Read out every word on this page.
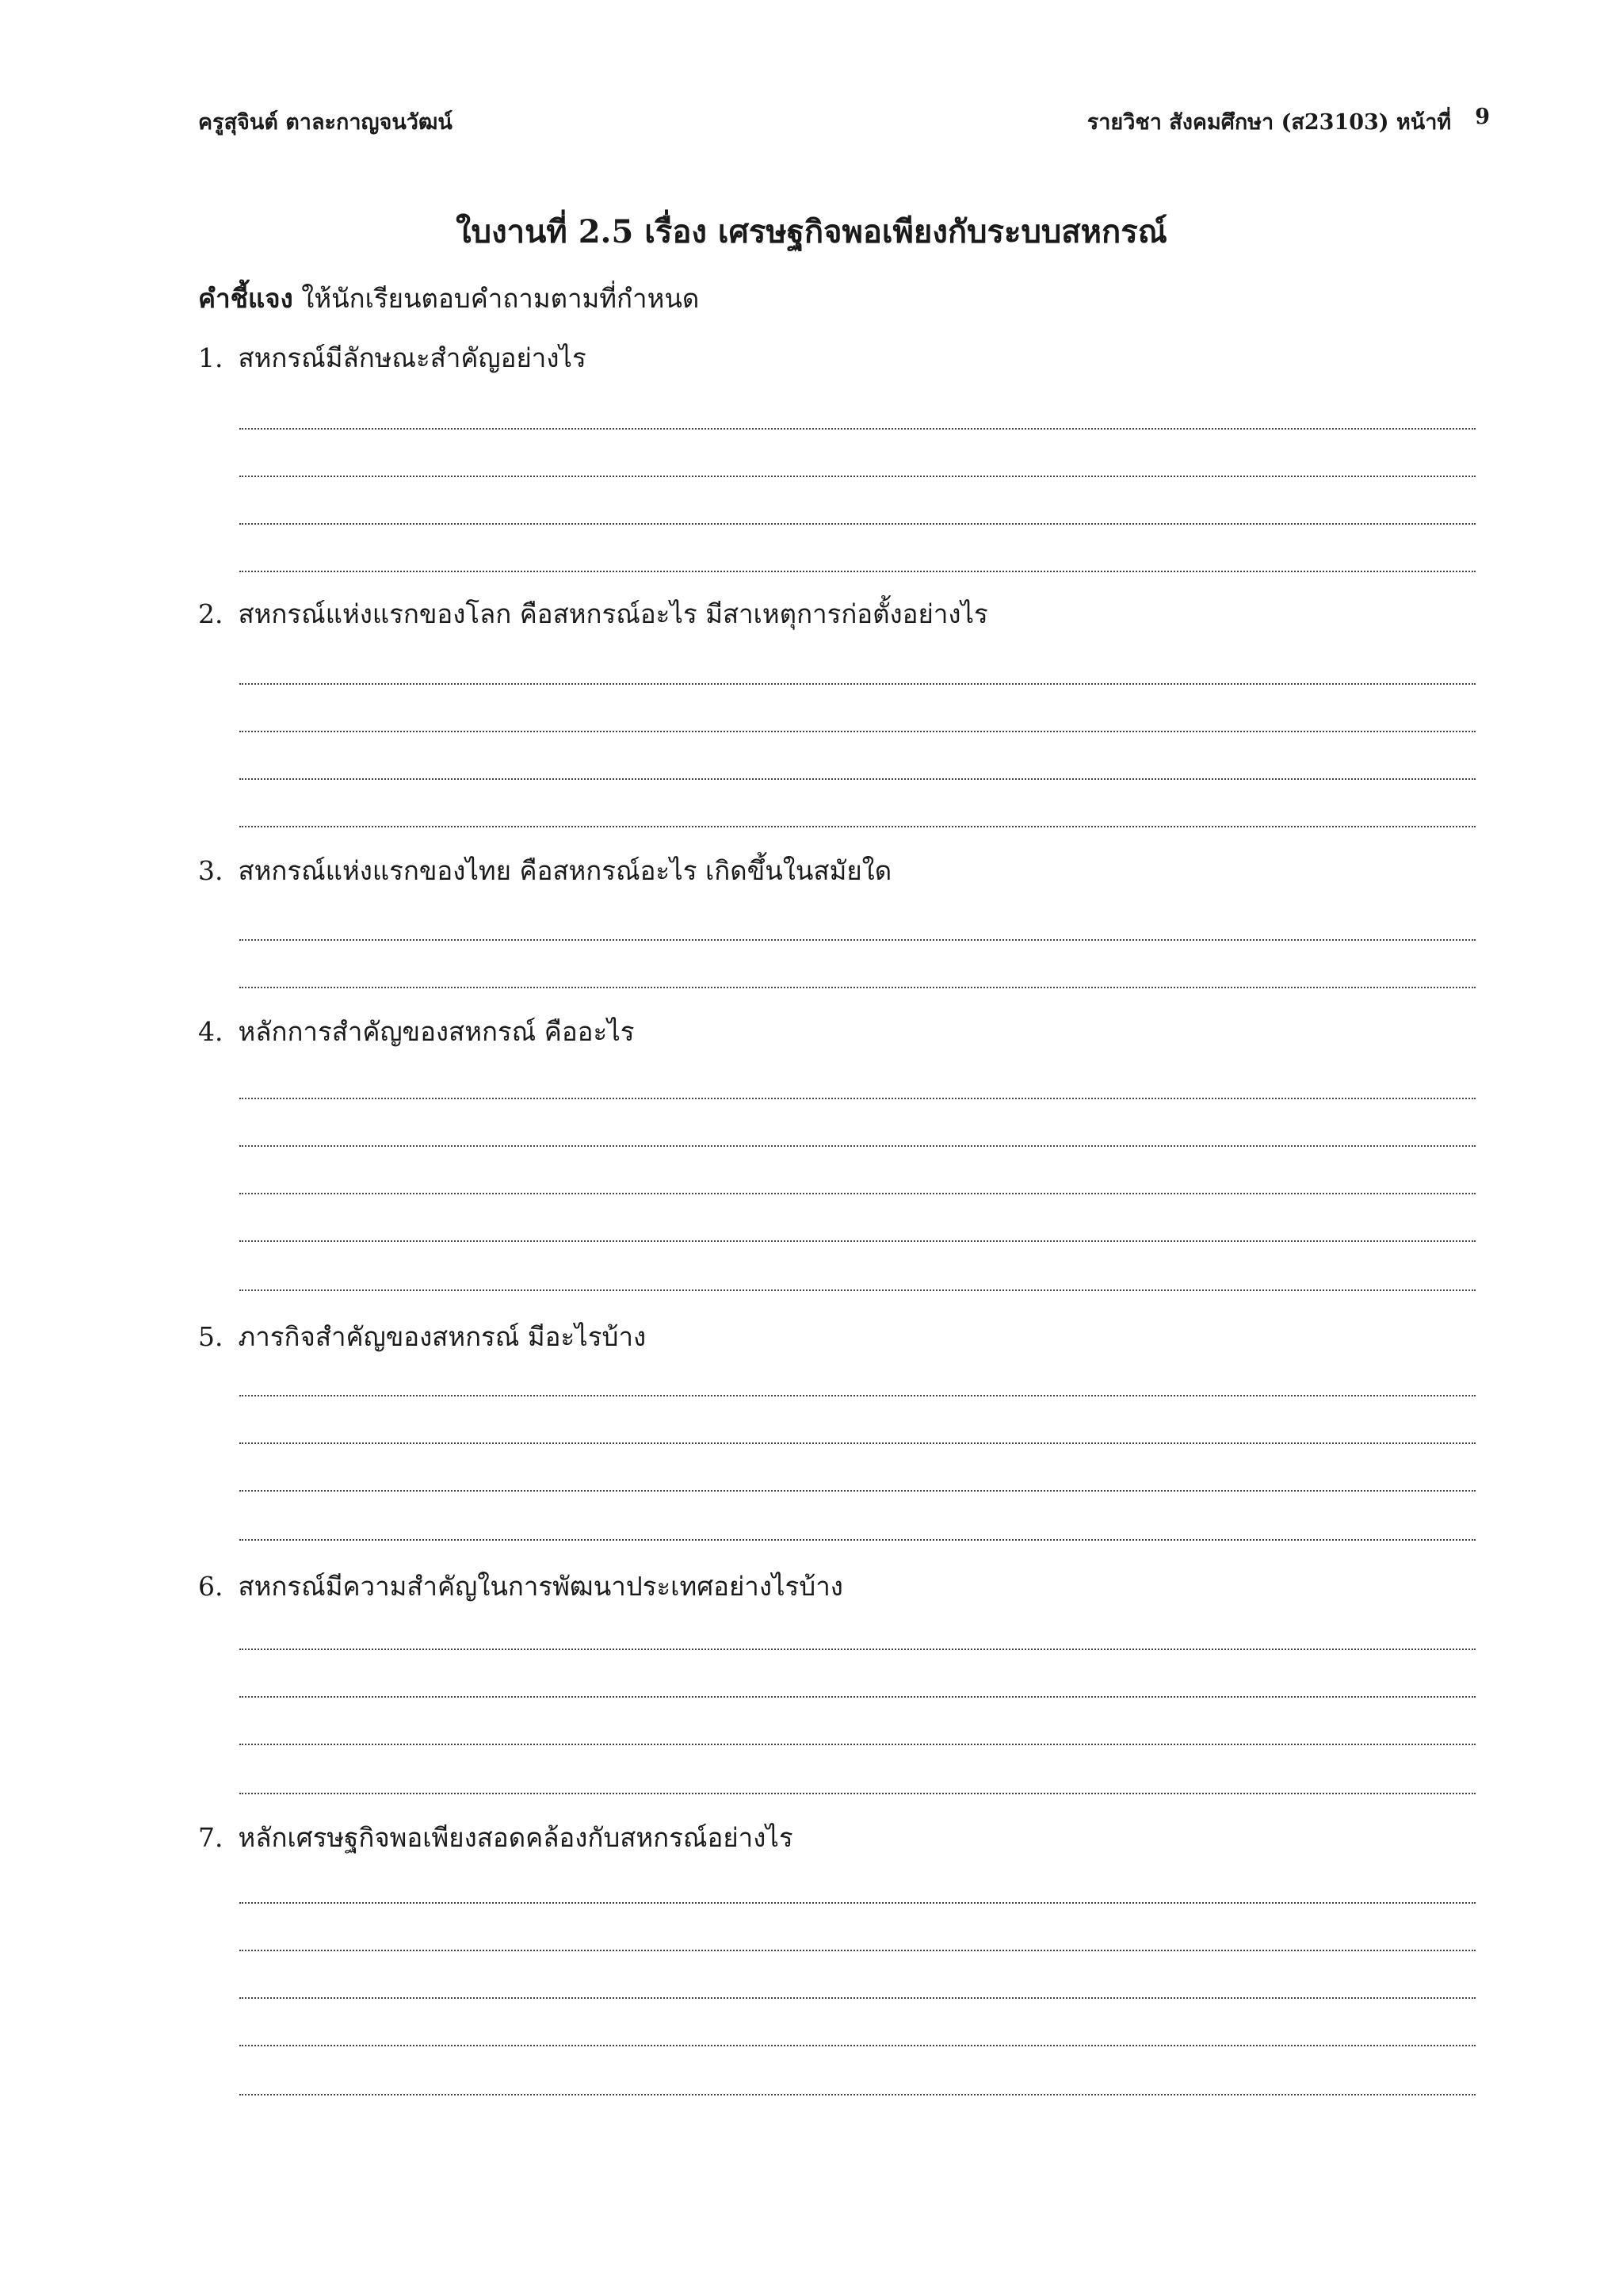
ครูสุจินต์ ตาละกาญจนวัฒน์	รายวิชา สังคมศึกษา (ส23103) หน้าที่ 9
ใบงานที่ 2.5 เรื่อง เศรษฐกิจพอเพียงกับระบบสหกรณ์
คำชี้แจง ให้นักเรียนตอบคำถามตามที่กำหนด
1. สหกรณ์มีลักษณะสำคัญอย่างไร
2. สหกรณ์แห่งแรกของโลก คือสหกรณ์อะไร มีสาเหตุการก่อตั้งอย่างไร
3. สหกรณ์แห่งแรกของไทย คือสหกรณ์อะไร เกิดขึ้นในสมัยใด
4. หลักการสำคัญของสหกรณ์ คืออะไร
5. ภารกิจสำคัญของสหกรณ์ มีอะไรบ้าง
6. สหกรณ์มีความสำคัญในการพัฒนาประเทศอย่างไรบ้าง
7. หลักเศรษฐกิจพอเพียงสอดคล้องกับสหกรณ์อย่างไร
